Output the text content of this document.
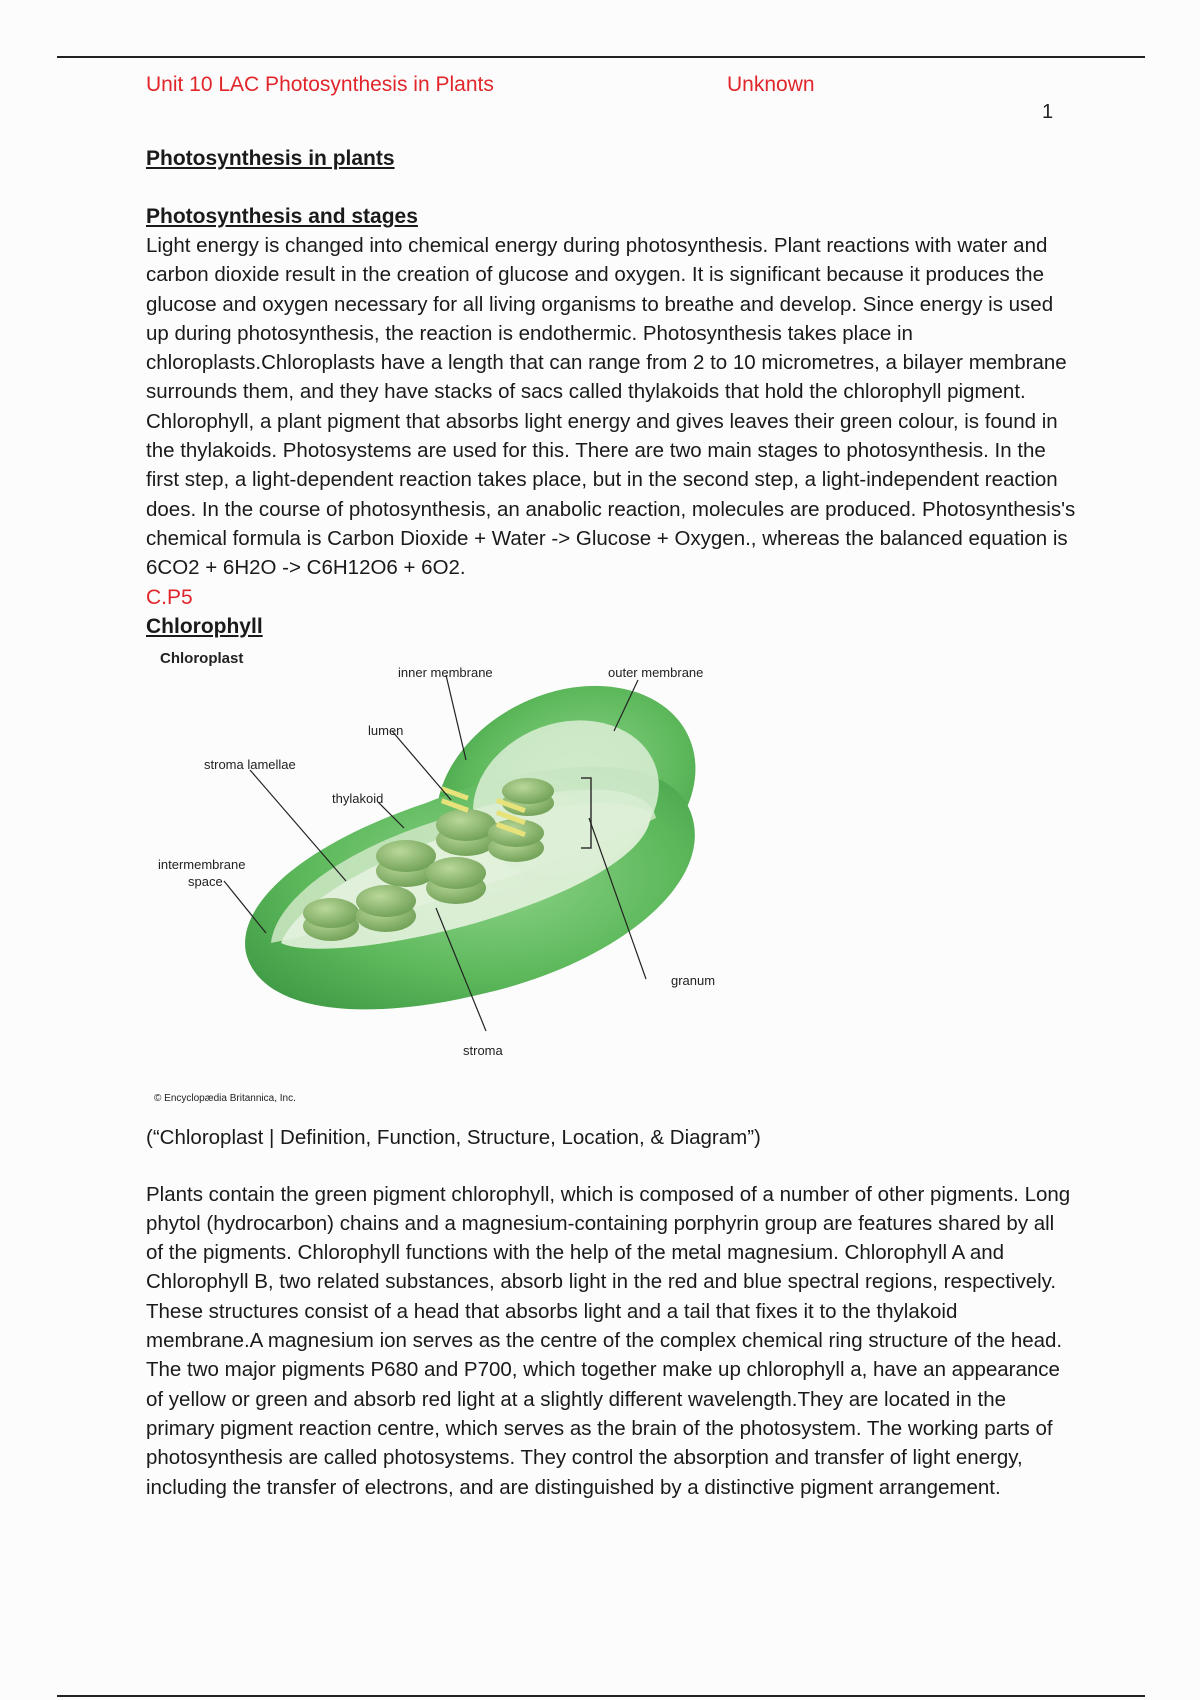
Unit 10 LAC Photosynthesis in Plants	Unknown
1
Photosynthesis in plants
Photosynthesis and stages

Light energy is changed into chemical energy during photosynthesis. Plant reactions with water and carbon dioxide result in the creation of glucose and oxygen. It is significant because it produces the glucose and oxygen necessary for all living organisms to breathe and develop. Since energy is used up during photosynthesis, the reaction is endothermic. Photosynthesis takes place in chloroplasts.Chloroplasts have a length that can range from 2 to 10 micrometres, a bilayer membrane surrounds them, and they have stacks of sacs called thylakoids that hold the chlorophyll pigment. Chlorophyll, a plant pigment that absorbs light energy and gives leaves their green colour, is found in the thylakoids. Photosystems are used for this. There are two main stages to photosynthesis. In the first step, a light-dependent reaction takes place, but in the second step, a light-independent reaction does. In the course of photosynthesis, an anabolic reaction, molecules are produced. Photosynthesis's chemical formula is Carbon Dioxide + Water -> Glucose + Oxygen., whereas the balanced equation is 6CO2 + 6H2O -> C6H12O6 + 6O2.

C.P5
Chlorophyll
Chloroplast
inner membrane	outer membrane
lumen
stroma lamellae
thylakoid
intermembrane
space
granum
stroma
© Encyclopædia Britannica, Inc.

(“Chloroplast | Definition, Function, Structure, Location, & Diagram”)

Plants contain the green pigment chlorophyll, which is composed of a number of other pigments. Long phytol (hydrocarbon) chains and a magnesium-containing porphyrin group are features shared by all of the pigments. Chlorophyll functions with the help of the metal magnesium. Chlorophyll A and Chlorophyll B, two related substances, absorb light in the red and blue spectral regions, respectively. These structures consist of a head that absorbs light and a tail that fixes it to the thylakoid membrane.A magnesium ion serves as the centre of the complex chemical ring structure of the head. The two major pigments P680 and P700, which together make up chlorophyll a, have an appearance of yellow or green and absorb red light at a slightly different wavelength.They are located in the primary pigment reaction centre, which serves as the brain of the photosystem. The working parts of photosynthesis are called photosystems. They control the absorption and transfer of light energy, including the transfer of electrons, and are distinguished by a distinctive pigment arrangement.
